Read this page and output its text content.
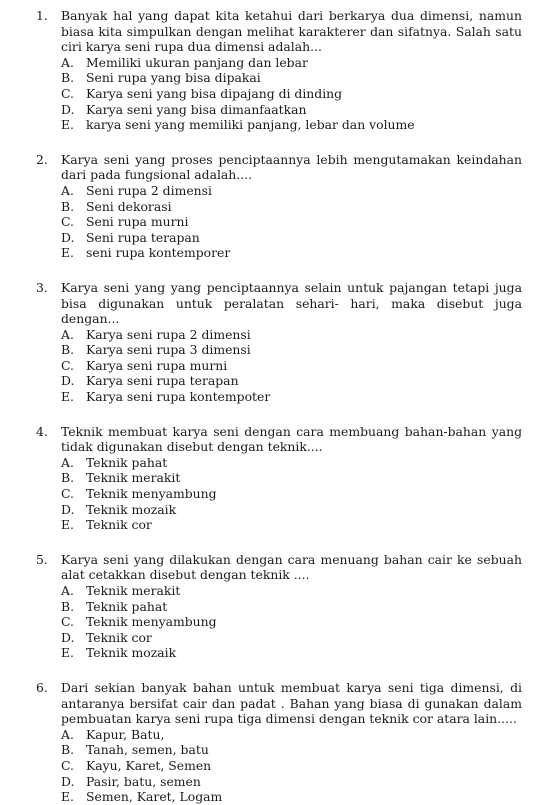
1. Banyak hal yang dapat kita ketahui dari berkarya dua dimensi, namun biasa kita simpulkan dengan melihat karakterer dan sifatnya. Salah satu ciri karya seni rupa dua dimensi adalah...
A. Memiliki ukuran panjang dan lebar
B. Seni rupa yang bisa dipakai
C. Karya seni yang bisa dipajang di dinding
D. Karya seni yang bisa dimanfaatkan
E. karya seni yang memiliki panjang, lebar dan volume
2. Karya seni yang proses penciptaannya lebih mengutamakan keindahan dari pada fungsional adalah....
A. Seni rupa 2 dimensi
B. Seni dekorasi
C. Seni rupa murni
D. Seni rupa terapan
E. seni rupa kontemporer
3. Karya seni yang yang penciptaannya selain untuk pajangan tetapi juga bisa digunakan untuk peralatan sehari- hari, maka disebut juga dengan...
A. Karya seni rupa 2 dimensi
B. Karya seni rupa 3 dimensi
C. Karya seni rupa murni
D. Karya seni rupa terapan
E. Karya seni rupa kontempoter
4. Teknik membuat karya seni dengan cara membuang bahan-bahan yang tidak digunakan disebut dengan teknik....
A. Teknik pahat
B. Teknik merakit
C. Teknik menyambung
D. Teknik mozaik
E. Teknik cor
5. Karya seni yang dilakukan dengan cara menuang bahan cair ke sebuah alat cetakkan disebut dengan teknik ....
A. Teknik merakit
B. Teknik pahat
C. Teknik menyambung
D. Teknik cor
E. Teknik mozaik
6. Dari sekian banyak bahan untuk membuat karya seni tiga dimensi, di antaranya bersifat cair dan padat . Bahan yang biasa di gunakan dalam pembuatan karya seni rupa tiga dimensi dengan teknik cor atara lain.....
A. Kapur, Batu,
B. Tanah, semen, batu
C. Kayu, Karet, Semen
D. Pasir, batu, semen
E. Semen, Karet, Logam
